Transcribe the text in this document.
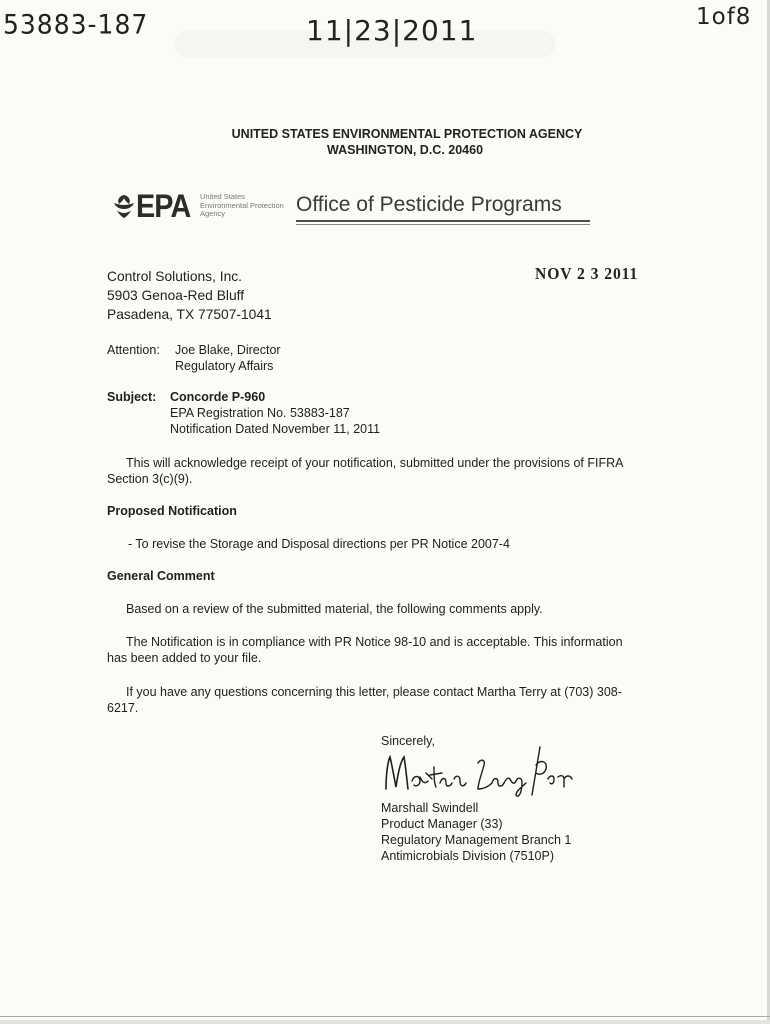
53883-187	11|23|2011	1of8
UNITED STATES ENVIRONMENTAL PROTECTION AGENCY
WASHINGTON, D.C. 20460
EPA United States
Environmental Protection
Agency	Office of Pesticide Programs
NOV 2 3 2011
Control Solutions, Inc.
5903 Genoa-Red Bluff
Pasadena, TX 77507-1041
Attention: Joe Blake, Director
Regulatory Affairs
Subject: Concorde P-960
EPA Registration No. 53883-187
Notification Dated November 11, 2011
This will acknowledge receipt of your notification, submitted under the provisions of FIFRA
Section 3(c)(9).
Proposed Notification
- To revise the Storage and Disposal directions per PR Notice 2007-4
General Comment
Based on a review of the submitted material, the following comments apply.
The Notification is in compliance with PR Notice 98-10 and is acceptable. This information
has been added to your file.
If you have any questions concerning this letter, please contact Martha Terry at (703) 308-
6217.
Sincerely,
Marshall Swindell
Product Manager (33)
Regulatory Management Branch 1
Antimicrobials Division (7510P)
